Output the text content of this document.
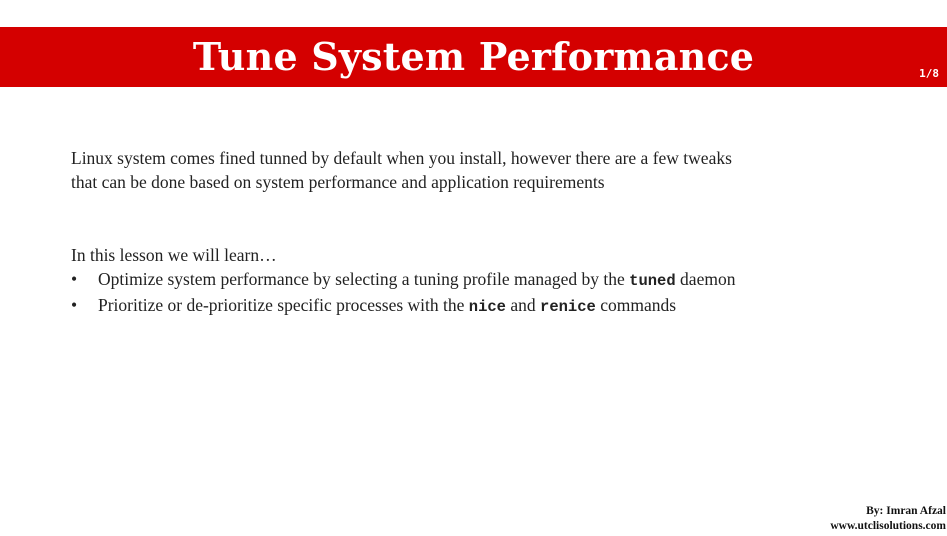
Tune System Performance	1/8
Linux system comes fined tunned by default when you install, however there are a few tweaks
that can be done based on system performance and application requirements
In this lesson we will learn…
• Optimize system performance by selecting a tuning profile managed by the tuned daemon
• Prioritize or de-prioritize specific processes with the nice and renice commands
By: Imran Afzal
www.utclisolutions.com
